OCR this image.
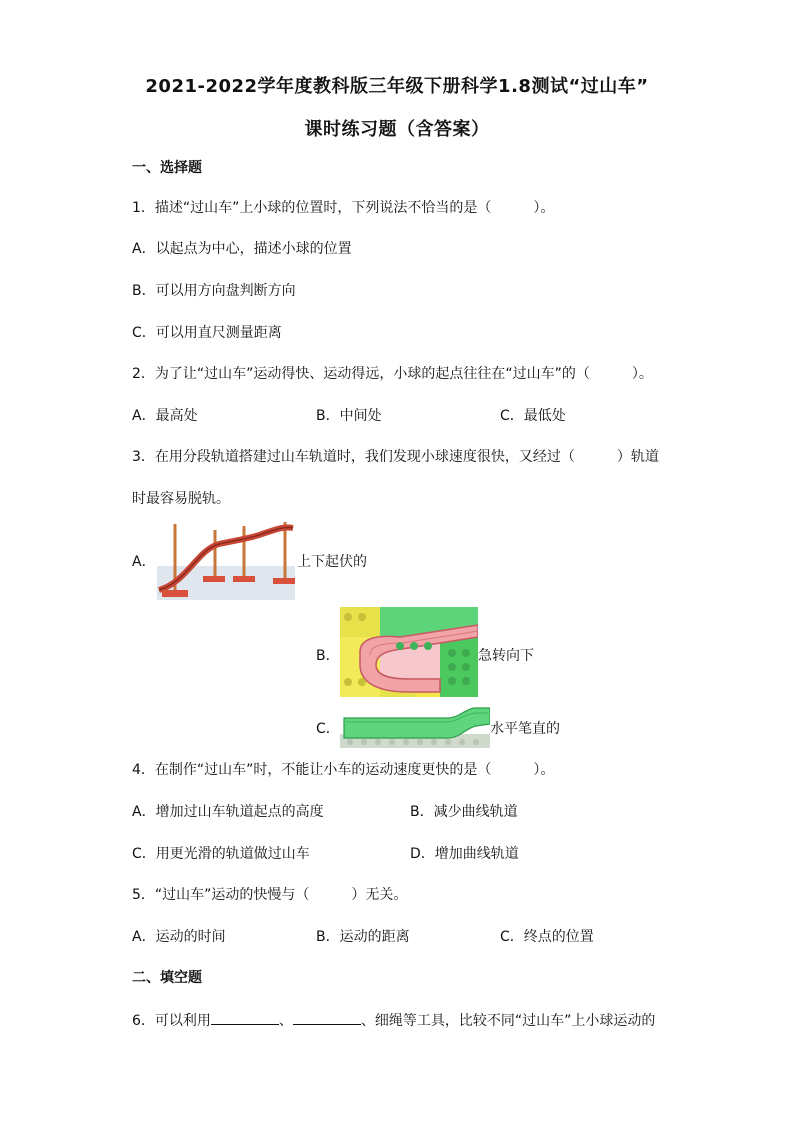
2021-2022学年度教科版三年级下册科学1.8测试“过山车”
课时练习题（含答案）
一、选择题
1．描述“过山车”上小球的位置时，下列说法不恰当的是（　　　）。
A．以起点为中心，描述小球的位置
B．可以用方向盘判断方向
C．可以用直尺测量距离
2．为了让“过山车”运动得快、运动得远，小球的起点往往在“过山车”的（　　　）。
A．最高处	B．中间处	C．最低处
3．在用分段轨道搭建过山车轨道时，我们发现小球速度很快，又经过（　　　）轨道
时最容易脱轨。
A．	上下起伏的
B．	急转向下
C．	水平笔直的
4．在制作“过山车”时，不能让小车的运动速度更快的是（　　　）。
A．增加过山车轨道起点的高度	B．减少曲线轨道
C．用更光滑的轨道做过山车	D．增加曲线轨道
5．“过山车”运动的快慢与（　　　）无关。
A．运动的时间	B．运动的距离	C．终点的位置
二、填空题
6．可以利用	、	、细绳等工具，比较不同“过山车”上小球运动的
